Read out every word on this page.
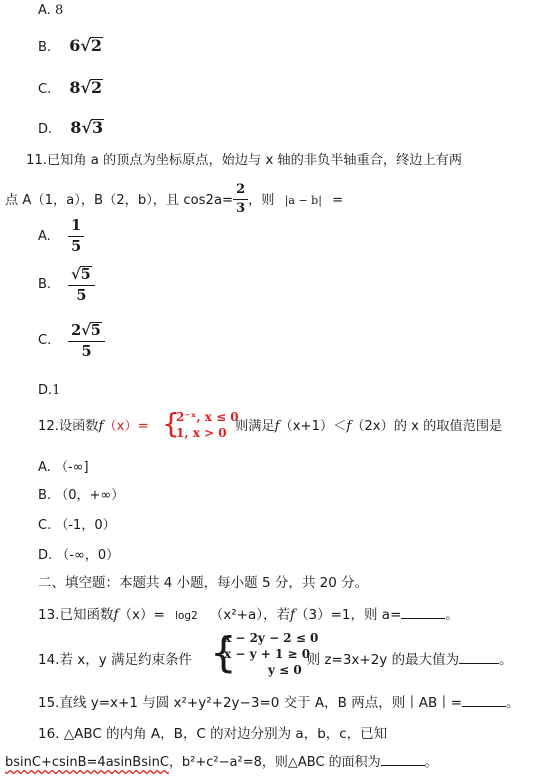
A. 8
B. 6√2
C. 8√2
D. 8√3
11.已知角 a 的顶点为坐标原点，始边与 x 轴的非负半轴重合，终边上有两
点 A（1，a），B（2，b），且 $\cos 2a= \frac{2}{3}$ ，则 |a − b| =
A. $\frac{1}{5}$
B. $\frac{√5}{5}$
C. $\frac{2√5}{5}$
D.1
12.设函数f（x）=	则满足f（x+1）＜f（2x）的 x 的取值范围是
{
2⁻ˣ, x ≤ 0
1, x > 0
A. （-∞]
B. （0，+∞）
C. （-1，0）
D. （-∞，0）
二、填空题：本题共 4 小题，每小题 5 分，共 20 分。
13.已知函数f（x）= log2 （x²+a），若f（3）=1，则 a=	。
14.若 x，y 满足约束条件	则 z=3x+2y 的最大值为	。
{
x − 2y − 2 ≤ 0
x − y + 1 ≥ 0
y ≤ 0
15.直线 y=x+1 与圆 x²+y²+2y−3=0 交于 A，B 两点，则丨AB丨=	。
16. △ABC 的内角 A，B，C 的对边分别为 a，b，c，已知
bsinC+csinB=4asinBsinC，b²+c²−a²=8，则△ABC 的面积为	。
